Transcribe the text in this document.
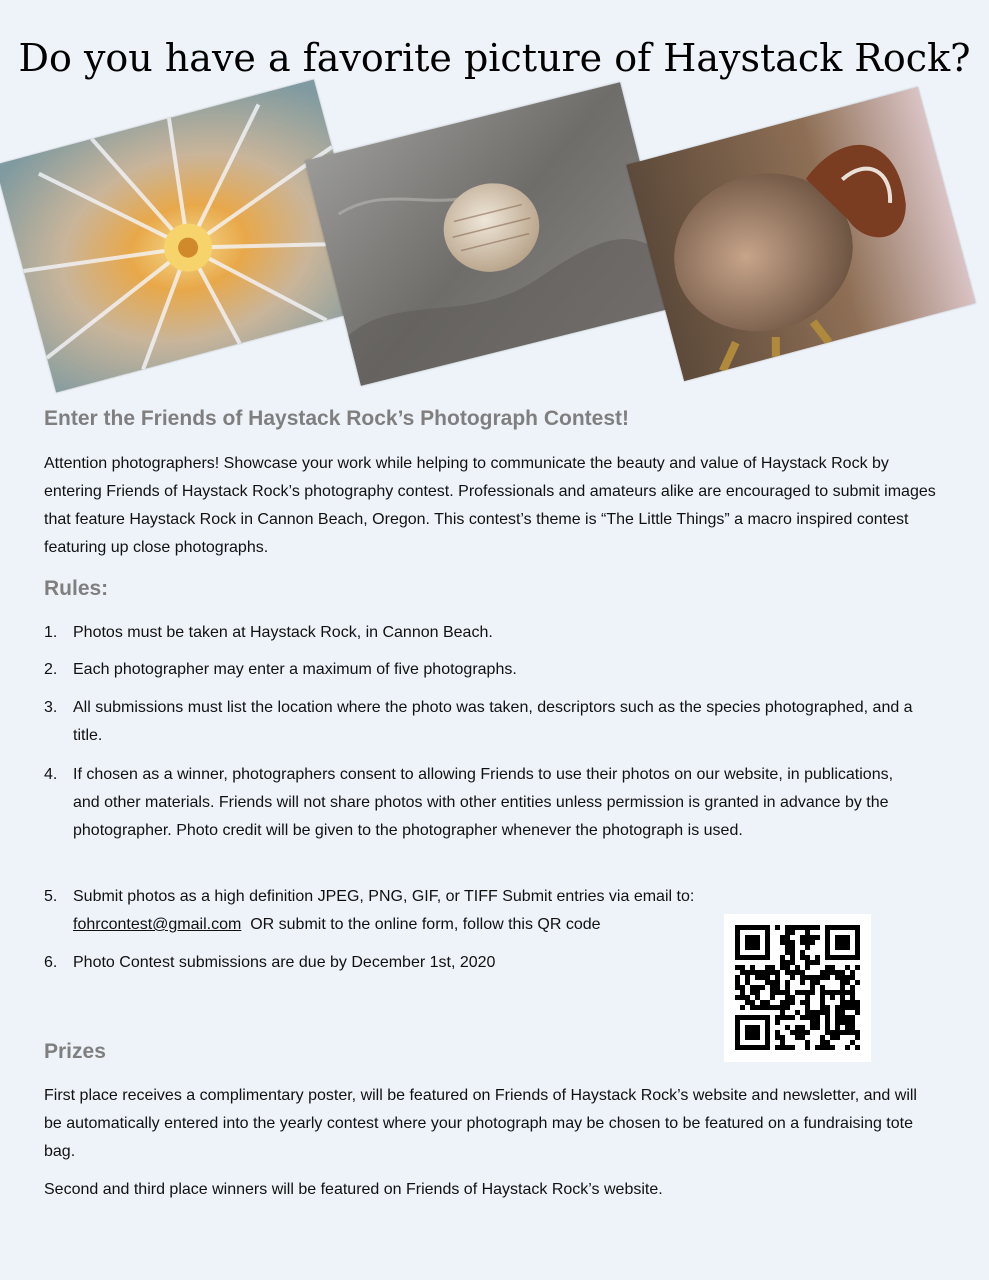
Do you have a favorite picture of Haystack Rock?
Enter the Friends of Haystack Rock’s Photograph Contest!
Attention photographers! Showcase your work while helping to communicate the beauty and value of Haystack Rock by entering Friends of Haystack Rock’s photography contest. Professionals and amateurs alike are encouraged to submit images that feature Haystack Rock in Cannon Beach, Oregon. This contest’s theme is “The Little Things” a macro inspired contest featuring up close photographs.
Rules:
1. Photos must be taken at Haystack Rock, in Cannon Beach.
2. Each photographer may enter a maximum of five photographs.
3. All submissions must list the location where the photo was taken, descriptors such as the species photographed, and a title.
4. If chosen as a winner, photographers consent to allowing Friends to use their photos on our website, in publications, and other materials. Friends will not share photos with other entities unless permission is granted in advance by the photographer. Photo credit will be given to the photographer whenever the photograph is used.
5. Submit photos as a high definition JPEG, PNG, GIF, or TIFF Submit entries via email to:
fohrcontest@gmail.com  OR submit to the online form, follow this QR code
6. Photo Contest submissions are due by December 1st, 2020
Prizes
First place receives a complimentary poster, will be featured on Friends of Haystack Rock’s website and newsletter, and will be automatically entered into the yearly contest where your photograph may be chosen to be featured on a fundraising tote bag.
Second and third place winners will be featured on Friends of Haystack Rock’s website.
